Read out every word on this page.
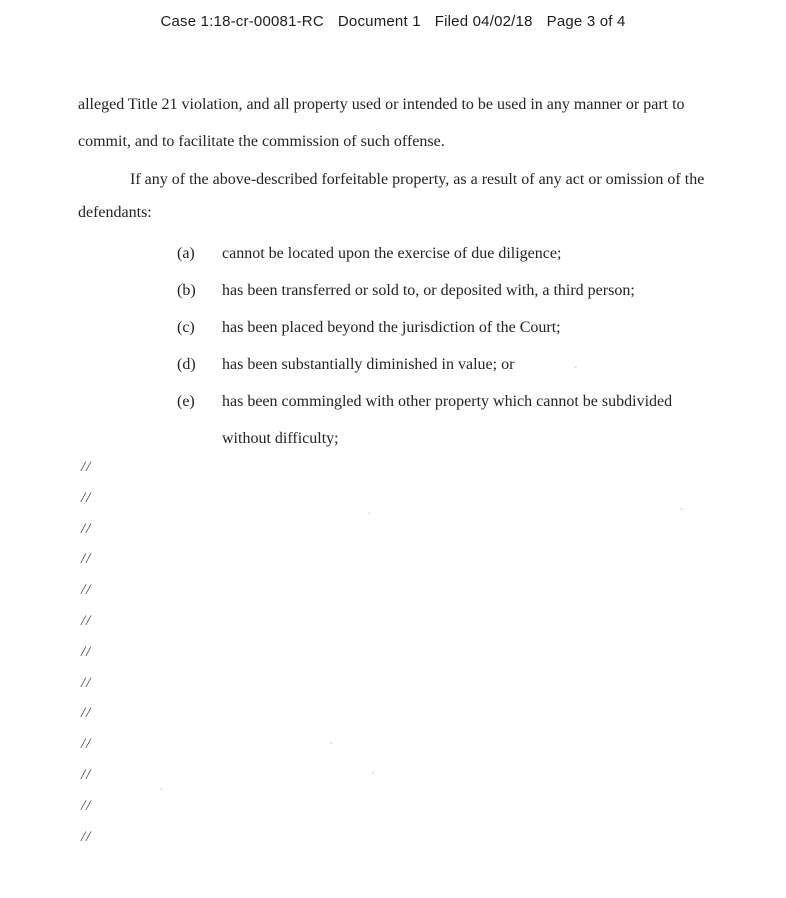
Case 1:18-cr-00081-RC Document 1 Filed 04/02/18 Page 3 of 4
alleged Title 21 violation, and all property used or intended to be used in any manner or part to
commit, and to facilitate the commission of such offense.
If any of the above-described forfeitable property, as a result of any act or omission of the
defendants:
(a)	cannot be located upon the exercise of due diligence;
(b)	has been transferred or sold to, or deposited with, a third person;
(c)	has been placed beyond the jurisdiction of the Court;
(d)	has been substantially diminished in value; or
(e)	has been commingled with other property which cannot be subdivided
without difficulty;
//
//
//
//
//
//
//
//
//
//
//
//
//
